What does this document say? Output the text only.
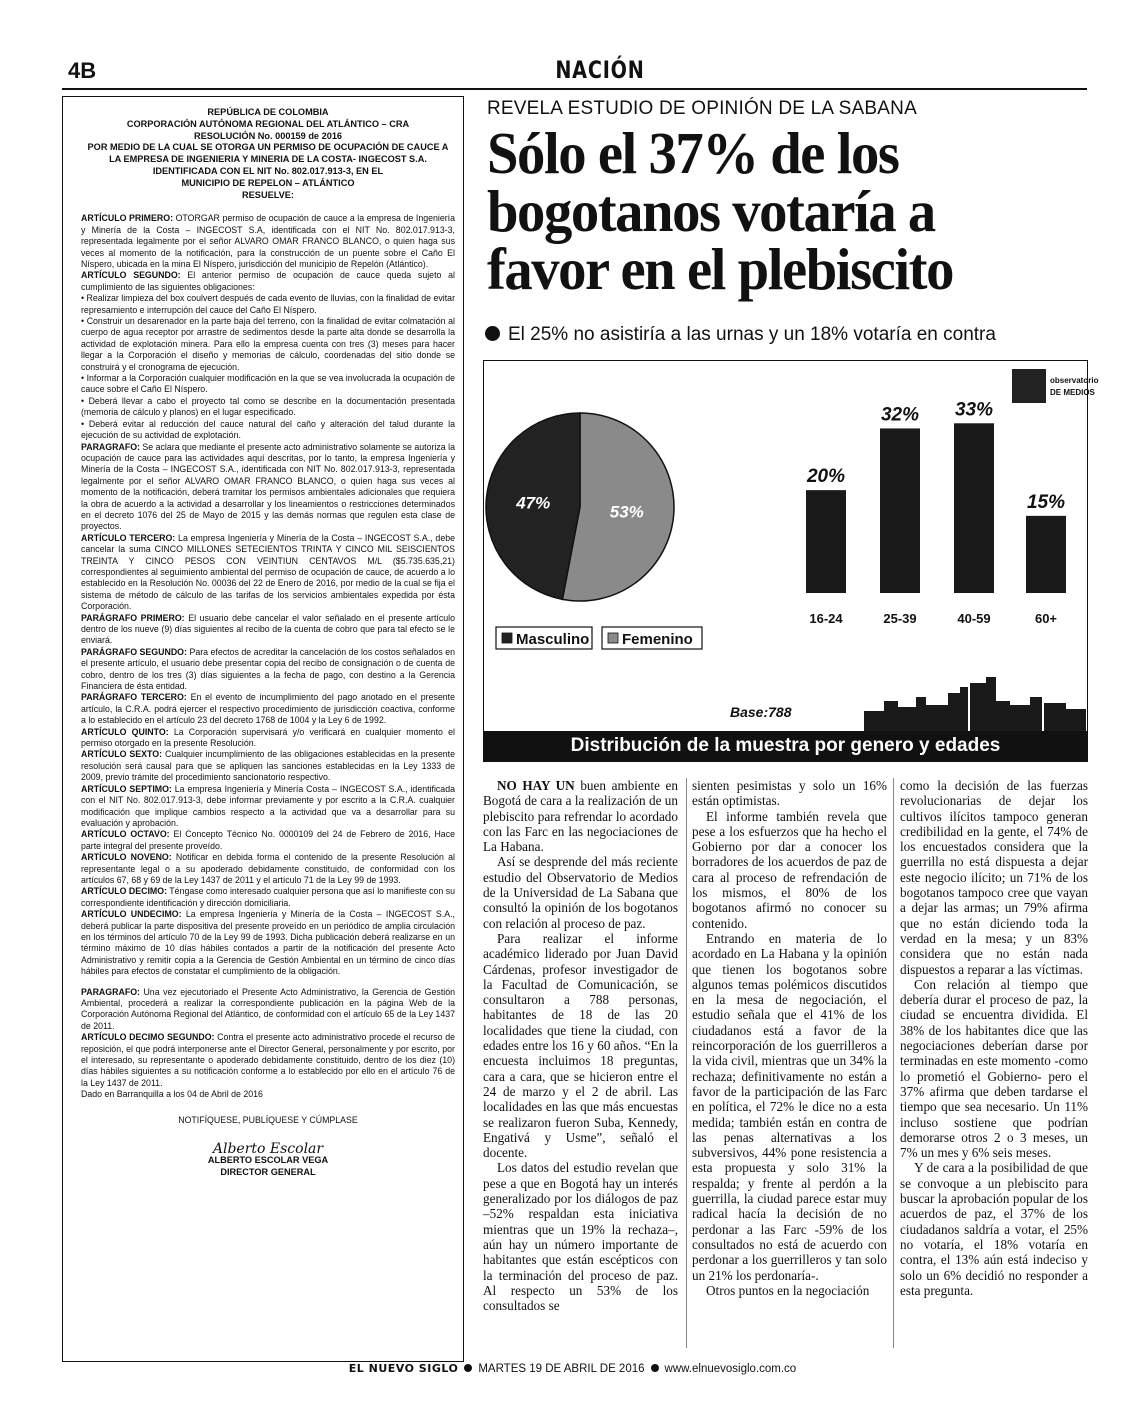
4B	NACIÓN
REPÚBLICA DE COLOMBIA
CORPORACIÓN AUTÓNOMA REGIONAL DEL ATLÁNTICO – CRA
RESOLUCIÓN No. 000159 de 2016
POR MEDIO DE LA CUAL SE OTORGA UN PERMISO DE OCUPACIÓN DE CAUCE A
LA EMPRESA DE INGENIERIA Y MINERIA DE LA COSTA- INGECOST S.A.
IDENTIFICADA CON EL NIT No. 802.017.913-3, EN EL
MUNICIPIO DE REPELON – ATLÁNTICO
RESUELVE:

ARTÍCULO PRIMERO: OTORGAR permiso de ocupación de cauce a la empresa de Ingeniería y Minería de la Costa – INGECOST S.A, identificada con el NIT No. 802.017.913-3, representada legalmente por el señor ALVARO OMAR FRANCO BLANCO, o quien haga sus veces al momento de la notificación, para la construcción de un puente sobre el Caño El Níspero, ubicada en la mina El Níspero, jurisdicción del municipio de Repelón (Atlántico).

ARTÍCULO SEGUNDO: El anterior permiso de ocupación de cauce queda sujeto al cumplimiento de las siguientes obligaciones:

• Realizar limpieza del box coulvert después de cada evento de lluvias, con la finalidad de evitar represamiento e interrupción del cauce del Caño El Níspero.

• Construir un desarenador en la parte baja del terreno, con la finalidad de evitar colmatación al cuerpo de agua receptor por arrastre de sedimentos desde la parte alta donde se desarrolla la actividad de explotación minera. Para ello la empresa cuenta con tres (3) meses para hacer llegar a la Corporación el diseño y memorias de cálculo, coordenadas del sitio donde se construirá y el cronograma de ejecución.

• Informar a la Corporación cualquier modificación en la que se vea involucrada la ocupación de cauce sobre el Caño El Níspero.

• Deberá llevar a cabo el proyecto tal como se describe en la documentación presentada (memoria de cálculo y planos) en el lugar especificado.

• Deberá evitar al reducción del cauce natural del caño y alteración del talud durante la ejecución de su actividad de explotación.

PARAGRAFO: Se aclara que mediante el presente acto administrativo solamente se autoriza la ocupación de cauce para las actividades aquí descritas, por lo tanto, la empresa Ingeniería y Minería de la Costa – INGECOST S.A., identificada con NIT No. 802.017.913-3, representada legalmente por el señor ALVARO OMAR FRANCO BLANCO, o quien haga sus veces al momento de la notificación, deberá tramitar los permisos ambientales adicionales que requiera la obra de acuerdo a la actividad a desarrollar y los lineamientos o restricciones determinados en el decreto 1076 del 25 de Mayo de 2015 y las demás normas que regulen esta clase de proyectos.

ARTÍCULO TERCERO: La empresa Ingeniería y Minería de la Costa – INGECOST S.A., debe cancelar la suma CINCO MILLONES SETECIENTOS TRINTA Y CINCO MIL SEISCIENTOS TREINTA Y CINCO PESOS CON VEINTIUN CENTAVOS M/L ($5.735.635,21) correspondientes al seguimiento ambiental del permiso de ocupación de cauce, de acuerdo a lo establecido en la Resolución No. 00036 del 22 de Enero de 2016, por medio de la cual se fija el sistema de método de cálculo de las tarifas de los servicios ambientales expedida por ésta Corporación.

PARÁGRAFO PRIMERO: El usuario debe cancelar el valor señalado en el presente artículo dentro de los nueve (9) días siguientes al recibo de la cuenta de cobro que para tal efecto se le enviará.

PARÁGRAFO SEGUNDO: Para efectos de acreditar la cancelación de los costos señalados en el presente artículo, el usuario debe presentar copia del recibo de consignación o de cuenta de cobro, dentro de los tres (3) días siguientes a la fecha de pago, con destino a la Gerencia Financiera de ésta entidad.

PARÁGRAFO TERCERO: En el evento de incumplimiento del pago anotado en el presente artículo, la C.R.A. podrá ejercer el respectivo procedimiento de jurisdicción coactiva, conforme a lo establecido en el artículo 23 del decreto 1768 de 1004 y la Ley 6 de 1992.

ARTÍCULO QUINTO: La Corporación supervisará y/o verificará en cualquier momento el permiso otorgado en la presente Resolución.

ARTÍCULO SEXTO: Cualquier incumplimiento de las obligaciones establecidas en la presente resolución será causal para que se apliquen las sanciones establecidas en la Ley 1333 de 2009, previo trámite del procedimiento sancionatorio respectivo.

ARTÍCULO SEPTIMO: La empresa Ingeniería y Minería Costa – INGECOST S.A., identificada con el NIT No. 802.017.913-3, debe informar previamente y por escrito a la C.R.A. cualquier modificación que implique cambios respecto a la actividad que va a desarrollar para su evaluación y aprobación.

ARTÍCULO OCTAVO: El Concepto Técnico No. 0000109 del 24 de Febrero de 2016, Hace parte integral del presente proveído.

ARTÍCULO NOVENO: Notificar en debida forma el contenido de la presente Resolución al representante legal o a su apoderado debidamente constituido, de conformidad con los artículos 67, 68 y 69 de la Ley 1437 de 2011 y el artículo 71 de la Ley 99 de 1993.

ARTÍCULO DECIMO: Téngase como interesado cualquier persona que así lo manifieste con su correspondiente identificación y dirección domiciliaria.

ARTÍCULO UNDECIMO: La empresa Ingeniería y Minería de la Costa – INGECOST S.A., deberá publicar la parte dispositiva del presente proveído en un periódico de amplia circulación en los términos del artículo 70 de la Ley 99 de 1993. Dicha publicación deberá realizarse en un término máximo de 10 días hábiles contados a partir de la notificación del presente Acto Administrativo y remitir copia a la Gerencia de Gestión Ambiental en un término de cinco días hábiles para efectos de constatar el cumplimiento de la obligación.

PARAGRAFO: Una vez ejecutoriado el Presente Acto Administrativo, la Gerencia de Gestión Ambiental, procederá a realizar la correspondiente publicación en la página Web de la Corporación Autónoma Regional del Atlántico, de conformidad con el artículo 65 de la Ley 1437 de 2011.

ARTÍCULO DECIMO SEGUNDO: Contra el presente acto administrativo procede el recurso de reposición, el que podrá interponerse ante el Director General, personalmente y por escrito, por el interesado, su representante o apoderado debidamente constituido, dentro de los diez (10) días hábiles siguientes a su notificación conforme a lo establecido por ello en el artículo 76 de la Ley 1437 de 2011.

Dado en Barranquilla a los 04 de Abril de 2016

NOTIFÍQUESE, PUBLÍQUESE Y CÚMPLASE
Alberto Escolar
ALBERTO ESCOLAR VEGA
DIRECTOR GENERAL
REVELA ESTUDIO DE OPINIÓN DE LA SABANA
Sólo el 37% de los
bogotanos votaría a
favor en el plebiscito
El 25% no asistiría a las urnas y un 18% votaría en contra
53%
47%
Masculino Femenino
20%
16-24
32%
25-39
33%
40-59
15%
60+
Base:788
observatorio
DE MEDIOS
Distribución de la muestra por genero y edades

NO HAY UN buen ambiente en Bogotá de cara a la realización de un plebiscito para refrendar lo acordado con las Farc en las negociaciones de La Habana.

Así se desprende del más reciente estudio del Observatorio de Medios de la Universidad de La Sabana que consultó la opinión de los bogotanos con relación al proceso de paz.

Para realizar el informe académico liderado por Juan David Cárdenas, profesor investigador de la Facultad de Comunicación, se consultaron a 788 personas, habitantes de 18 de las 20 localidades que tiene la ciudad, con edades entre los 16 y 60 años. “En la encuesta incluimos 18 preguntas, cara a cara, que se hicieron entre el 24 de marzo y el 2 de abril. Las localidades en las que más encuestas se realizaron fueron Suba, Kennedy, Engativá y Usme”, señaló el docente.

Los datos del estudio revelan que pese a que en Bogotá hay un interés generalizado por los diálogos de paz –52% respaldan esta iniciativa mientras que un 19% la rechaza–, aún hay un número importante de habitantes que están escépticos con la terminación del proceso de paz. Al respecto un 53% de los consultados se

sienten pesimistas y solo un 16% están optimistas.

El informe también revela que pese a los esfuerzos que ha hecho el Gobierno por dar a conocer los borradores de los acuerdos de paz de cara al proceso de refrendación de los mismos, el 80% de los bogotanos afirmó no conocer su contenido.

Entrando en materia de lo acordado en La Habana y la opinión que tienen los bogotanos sobre algunos temas polémicos discutidos en la mesa de negociación, el estudio señala que el 41% de los ciudadanos está a favor de la reincorporación de los guerrilleros a la vida civil, mientras que un 34% la rechaza; definitivamente no están a favor de la participación de las Farc en política, el 72% le dice no a esta medida; también están en contra de las penas alternativas a los subversivos, 44% pone resistencia a esta propuesta y solo 31% la respalda; y frente al perdón a la guerrilla, la ciudad parece estar muy radical hacía la decisión de no perdonar a las Farc -59% de los consultados no está de acuerdo con perdonar a los guerrilleros y tan solo un 21% los perdonaría-.

Otros puntos en la negociación

como la decisión de las fuerzas revolucionarias de dejar los cultivos ilícitos tampoco generan credibilidad en la gente, el 74% de los encuestados considera que la guerrilla no está dispuesta a dejar este negocio ilícito; un 71% de los bogotanos tampoco cree que vayan a dejar las armas; un 79% afirma que no están diciendo toda la verdad en la mesa; y un 83% considera que no están nada dispuestos a reparar a las víctimas.

Con relación al tiempo que debería durar el proceso de paz, la ciudad se encuentra dividida. El 38% de los habitantes dice que las negociaciones deberían darse por terminadas en este momento -como lo prometió el Gobierno- pero el 37% afirma que deben tardarse el tiempo que sea necesario. Un 11% incluso sostiene que podrían demorarse otros 2 o 3 meses, un 7% un mes y 6% seis meses.

Y de cara a la posibilidad de que se convoque a un plebiscito para buscar la aprobación popular de los acuerdos de paz, el 37% de los ciudadanos saldría a votar, el 25% no votaría, el 18% votaría en contra, el 13% aún está indeciso y solo un 6% decidió no responder a esta pregunta.

EL NUEVO SIGLO MARTES 19 DE ABRIL DE 2016 www.elnuevosiglo.com.co
